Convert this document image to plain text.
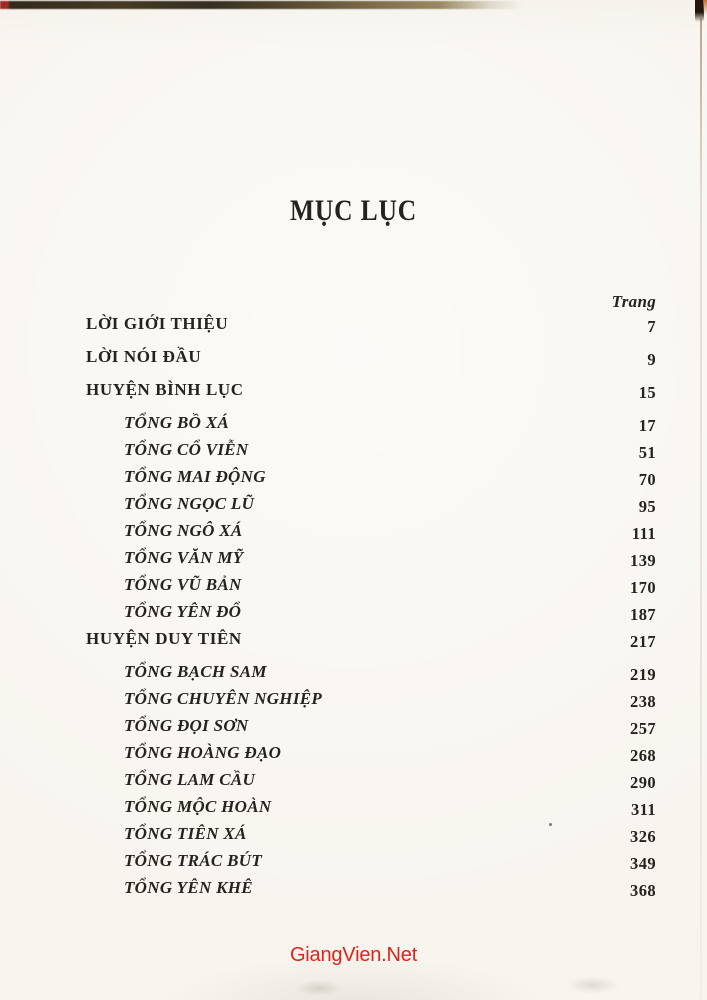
MỤC LỤC
Trang
LỜI GIỚI THIỆU	7
LỜI NÓI ĐẦU	9
HUYỆN BÌNH LỤC	15
TỔNG BỒ XÁ	17
TỔNG CỔ VIỄN	51
TỔNG MAI ĐỘNG	70
TỔNG NGỌC LŨ	95
TỔNG NGÔ XÁ	111
TỔNG VĂN MỸ	139
TỔNG VŨ BẢN	170
TỔNG YÊN ĐỔ	187
HUYỆN DUY TIÊN	217
TỔNG BẠCH SAM	219
TỔNG CHUYÊN NGHIỆP	238
TỔNG ĐỌI SƠN	257
TỔNG HOÀNG ĐẠO	268
TỔNG LAM CẦU	290
TỔNG MỘC HOÀN	311
TỔNG TIÊN XÁ	326
TỔNG TRÁC BÚT	349
TỔNG YÊN KHÊ	368
GiangVien.Net
